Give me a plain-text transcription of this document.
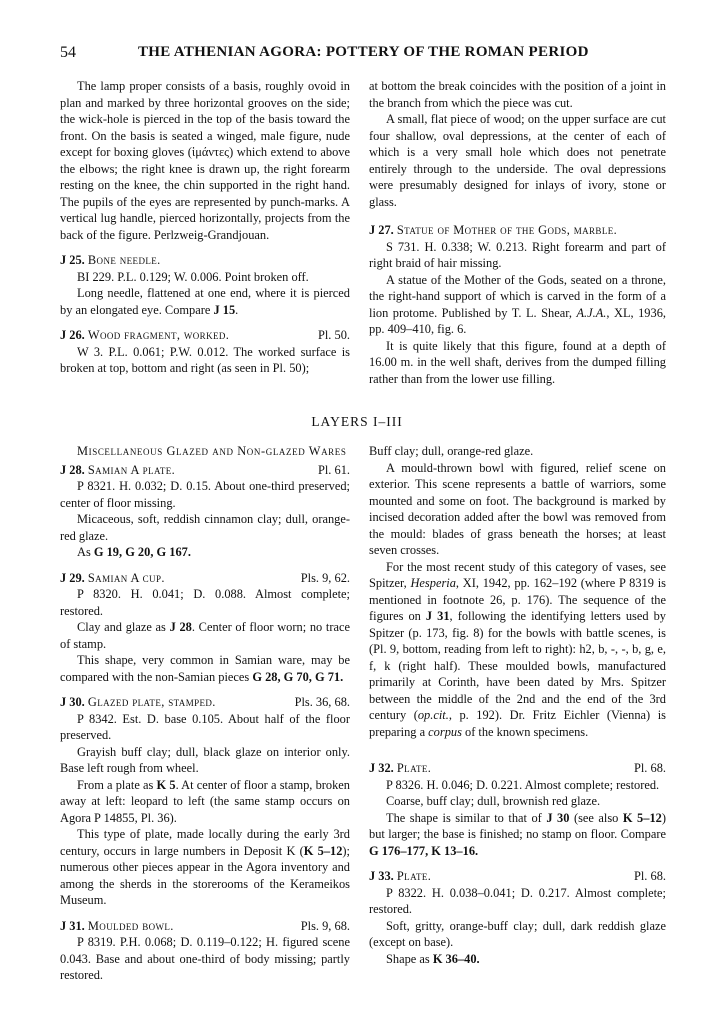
54	THE ATHENIAN AGORA: POTTERY OF THE ROMAN PERIOD

The lamp proper consists of a basis, roughly ovoid in plan and marked by three horizontal grooves on the side; the wick-hole is pierced in the top of the basis toward the front. On the basis is seated a winged, male figure, nude except for boxing gloves (ἱμάντες) which extend to above the elbows; the right knee is drawn up, the right forearm resting on the knee, the chin supported in the right hand. The pupils of the eyes are represented by punch-marks. A vertical lug handle, pierced horizontally, projects from the back of the figure. Perlzweig-Grandjouan.

J 25. Bone needle.

BI 229. P.L. 0.129; W. 0.006. Point broken off.

Long needle, flattened at one end, where it is pierced by an elongated eye. Compare J 15.

J 26. Wood fragment, worked.	Pl. 50.

W 3. P.L. 0.061; P.W. 0.012. The worked surface is broken at top, bottom and right (as seen in Pl. 50);

at bottom the break coincides with the position of a joint in the branch from which the piece was cut.

A small, flat piece of wood; on the upper surface are cut four shallow, oval depressions, at the center of each of which is a very small hole which does not penetrate entirely through to the underside. The oval depressions were presumably designed for inlays of ivory, stone or glass.

J 27. Statue of Mother of the Gods, marble.

S 731. H. 0.338; W. 0.213. Right forearm and part of right braid of hair missing.

A statue of the Mother of the Gods, seated on a throne, the right-hand support of which is carved in the form of a lion protome. Published by T. L. Shear, A.J.A., XL, 1936, pp. 409–410, fig. 6.

It is quite likely that this figure, found at a depth of 16.00 m. in the well shaft, derives from the dumped filling rather than from the lower use filling.

LAYERS I–III

Miscellaneous Glazed and Non-glazed Wares

J 28. Samian A plate.	Pl. 61.

P 8321. H. 0.032; D. 0.15. About one-third preserved; center of floor missing.

Micaceous, soft, reddish cinnamon clay; dull, orange-red glaze.

As G 19, G 20, G 167.

J 29. Samian A cup.	Pls. 9, 62.

P 8320. H. 0.041; D. 0.088. Almost complete; restored.

Clay and glaze as J 28. Center of floor worn; no trace of stamp.

This shape, very common in Samian ware, may be compared with the non-Samian pieces G 28, G 70, G 71.

J 30. Glazed plate, stamped.	Pls. 36, 68.

P 8342. Est. D. base 0.105. About half of the floor preserved.

Grayish buff clay; dull, black glaze on interior only. Base left rough from wheel.

From a plate as K 5. At center of floor a stamp, broken away at left: leopard to left (the same stamp occurs on Agora P 14855, Pl. 36).

This type of plate, made locally during the early 3rd century, occurs in large numbers in Deposit K (K 5–12); numerous other pieces appear in the Agora inventory and among the sherds in the storerooms of the Kerameikos Museum.

J 31. Moulded bowl.	Pls. 9, 68.

P 8319. P.H. 0.068; D. 0.119–0.122; H. figured scene 0.043. Base and about one-third of body missing; partly restored.

Buff clay; dull, orange-red glaze.

A mould-thrown bowl with figured, relief scene on exterior. This scene represents a battle of warriors, some mounted and some on foot. The background is marked by incised decoration added after the bowl was removed from the mould: blades of grass beneath the horses; at least seven crosses.

For the most recent study of this category of vases, see Spitzer, Hesperia, XI, 1942, pp. 162–192 (where P 8319 is mentioned in footnote 26, p. 176). The sequence of the figures on J 31, following the identifying letters used by Spitzer (p. 173, fig. 8) for the bowls with battle scenes, is (Pl. 9, bottom, reading from left to right): h2, b, -, -, b, g, e, f, k (right half). These moulded bowls, manufactured primarily at Corinth, have been dated by Mrs. Spitzer between the middle of the 2nd and the end of the 3rd century (op.cit., p. 192). Dr. Fritz Eichler (Vienna) is preparing a corpus of the known specimens.

J 32. Plate.	Pl. 68.

P 8326. H. 0.046; D. 0.221. Almost complete; restored.

Coarse, buff clay; dull, brownish red glaze.

The shape is similar to that of J 30 (see also K 5–12) but larger; the base is finished; no stamp on floor. Compare G 176–177, K 13–16.

J 33. Plate.	Pl. 68.

P 8322. H. 0.038–0.041; D. 0.217. Almost complete; restored.

Soft, gritty, orange-buff clay; dull, dark reddish glaze (except on base).

Shape as K 36–40.
